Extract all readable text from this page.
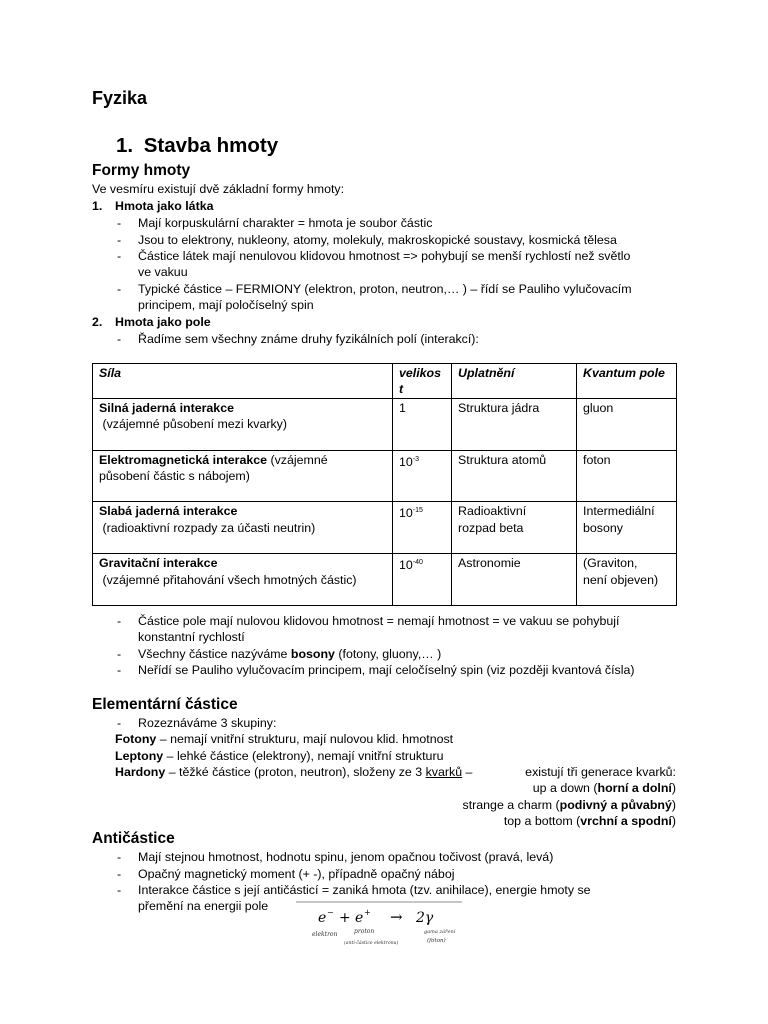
Fyzika
1. Stavba hmoty
Formy hmoty
Ve vesmíru existují dvě základní formy hmoty:
1. Hmota jako látka
- Mají korpuskulární charakter = hmota je soubor částic
- Jsou to elektrony, nukleony, atomy, molekuly, makroskopické soustavy, kosmická tělesa
- Částice látek mají nenulovou klidovou hmotnost => pohybují se menší rychlostí než světlo
ve vakuu
- Typické částice – FERMIONY (elektron, proton, neutron,… ) – řídí se Pauliho vylučovacím
principem, mají poločíselný spin
2. Hmota jako pole
- Řadíme sem všechny známe druhy fyzikálních polí (interakcí):
Síla	velikos
t	Uplatnění	Kvantum pole
Silná jaderná interakce
(vzájemné působení mezi kvarky)	1	Struktura jádra	gluon
Elektromagnetická interakce (vzájemné
působení částic s nábojem)	$10^{-3}$	Struktura atomů	foton
Slabá jaderná interakce
(radioaktivní rozpady za účasti neutrin)	$10^{-15}$	Radioaktivní
rozpad beta	Intermediální
bosony
Gravitační interakce
(vzájemné přitahování všech hmotných částic)	$10^{-40}$	Astronomie	(Graviton,
není objeven)
- Částice pole mají nulovou klidovou hmotnost = nemají hmotnost = ve vakuu se pohybují
konstantní rychlostí
- Všechny částice nazýváme bosony (fotony, gluony,… )
- Neřídí se Pauliho vylučovacím principem, mají celočíselný spin (viz později kvantová čísla)
Elementární částice
- Rozeznáváme 3 skupiny:
Fotony – nemají vnitřní strukturu, mají nulovou klid. hmotnost
Leptony – lehké částice (elektrony), nemají vnitřní strukturu
Hardony – těžké částice (proton, neutron), složeny ze 3 kvarků –	existují tři generace kvarků:
up a down (horní a dolní)
strange a charm (podivný a půvabný)
top a bottom (vrchní a spodní)
Antičástice
- Mají stejnou hmotnost, hodnotu spinu, jenom opačnou točivost (pravá, levá)
- Opačný magnetický moment (+ -), případně opačný náboj
- Interakce částice s její antičásticí = zaniká hmota (tzv. anihilace), energie hmoty se
přemění na energii pole
e − + e + → 2γ
elektron	proton
(anti-částice elektronu)
gama záření
(foton)
